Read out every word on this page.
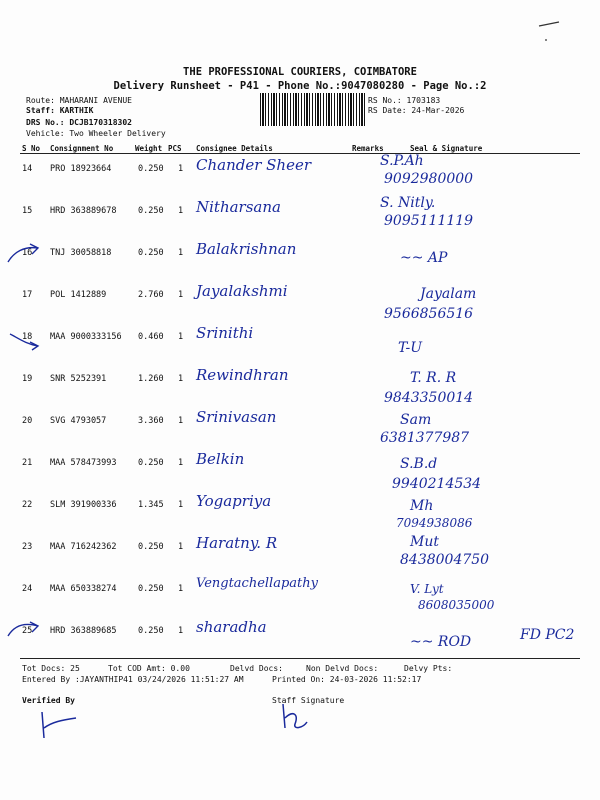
THE PROFESSIONAL COURIERS, COIMBATORE
Delivery Runsheet - P41 - Phone No.:9047080280 - Page No.:2
Route: MAHARANI AVENUE
Staff: KARTHIK
DRS No.: DCJB170318302
Vehicle: Two Wheeler Delivery
RS No.: 1703183
RS Date: 24-Mar-2026
S No Consignment No	Weight PCS Consignee Details	Remarks	Seal & Signature
14 PRO 18923664	0.250 1 Chander Sheer	S.P.Ah
9092980000
15 HRD 363889678	0.250 1 Nitharsana	S. Nitly.
9095111119
16 TNJ 30058818	0.250 1 Balakrishnan	~~ AP
17 POL 1412889	2.760 1 Jayalakshmi	Jayalam
9566856516
18 MAA 9000333156 0.460 1 Srinithi
T-U
19 SNR 5252391	1.260 1 Rewindhran	T. R. R
9843350014
20 SVG 4793057	3.360 1 Srinivasan	Sam
6381377987
21 MAA 578473993	0.250 1 Belkin	S.B.d
9940214534
22 SLM 391900336	1.345 1 Yogapriya	Mh
7094938086
23 MAA 716242362	0.250 1 Haratny. R	Mut
8438004750
24 MAA 650338274	0.250 1 Vengtachellapathy	V. Lyt
8608035000
25 HRD 363889685	0.250 1 sharadha
~~ ROD	FD PC2
Tot Docs: 25	Tot COD Amt: 0.00	Delvd Docs:	Non Delvd Docs:	Delvy Pts:
Entered By :JAYANTHIP41 03/24/2026 11:51:27 AM	Printed On: 24-03-2026 11:52:17
Verified By	Staff Signature
